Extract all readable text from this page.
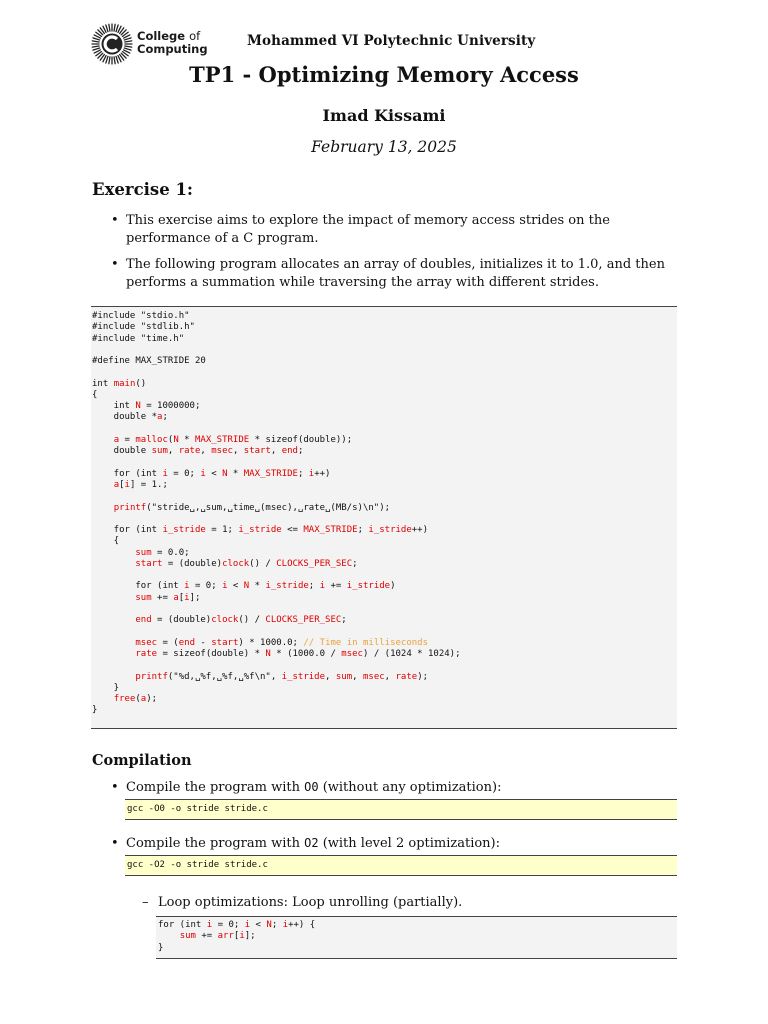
College of
Computing	Mohammed VI Polytechnic University
TP1 - Optimizing Memory Access
Imad Kissami
February 13, 2025
Exercise 1:
• This exercise aims to explore the impact of memory access strides on the performance of a C program.
• The following program allocates an array of doubles, initializes it to 1.0, and then performs a summation while traversing the array with different strides.
#include "stdio.h"
#include "stdlib.h"
#include "time.h"

#define MAX_STRIDE 20

int main()
{
int N = 1000000;
double *a;

a = malloc(N * MAX_STRIDE * sizeof(double));
double sum, rate, msec, start, end;

for (int i = 0; i < N * MAX_STRIDE; i++)
a[i] = 1.;

printf("stride␣,␣sum,␣time␣(msec),␣rate␣(MB/s)\n");

for (int i_stride = 1; i_stride <= MAX_STRIDE; i_stride++)
{
sum = 0.0;
start = (double)clock() / CLOCKS_PER_SEC;

for (int i = 0; i < N * i_stride; i += i_stride)
sum += a[i];

end = (double)clock() / CLOCKS_PER_SEC;

msec = (end - start) * 1000.0; // Time in milliseconds
rate = sizeof(double) * N * (1000.0 / msec) / (1024 * 1024);

printf("%d,␣%f,␣%f,␣%f\n", i_stride, sum, msec, rate);
}
free(a);
}
Compilation
• Compile the program with O0 (without any optimization):
gcc -O0 -o stride stride.c
• Compile the program with O2 (with level 2 optimization):
gcc -O2 -o stride stride.c
– Loop optimizations: Loop unrolling (partially).
for (int i = 0; i < N; i++) {
sum += arr[i];
}
